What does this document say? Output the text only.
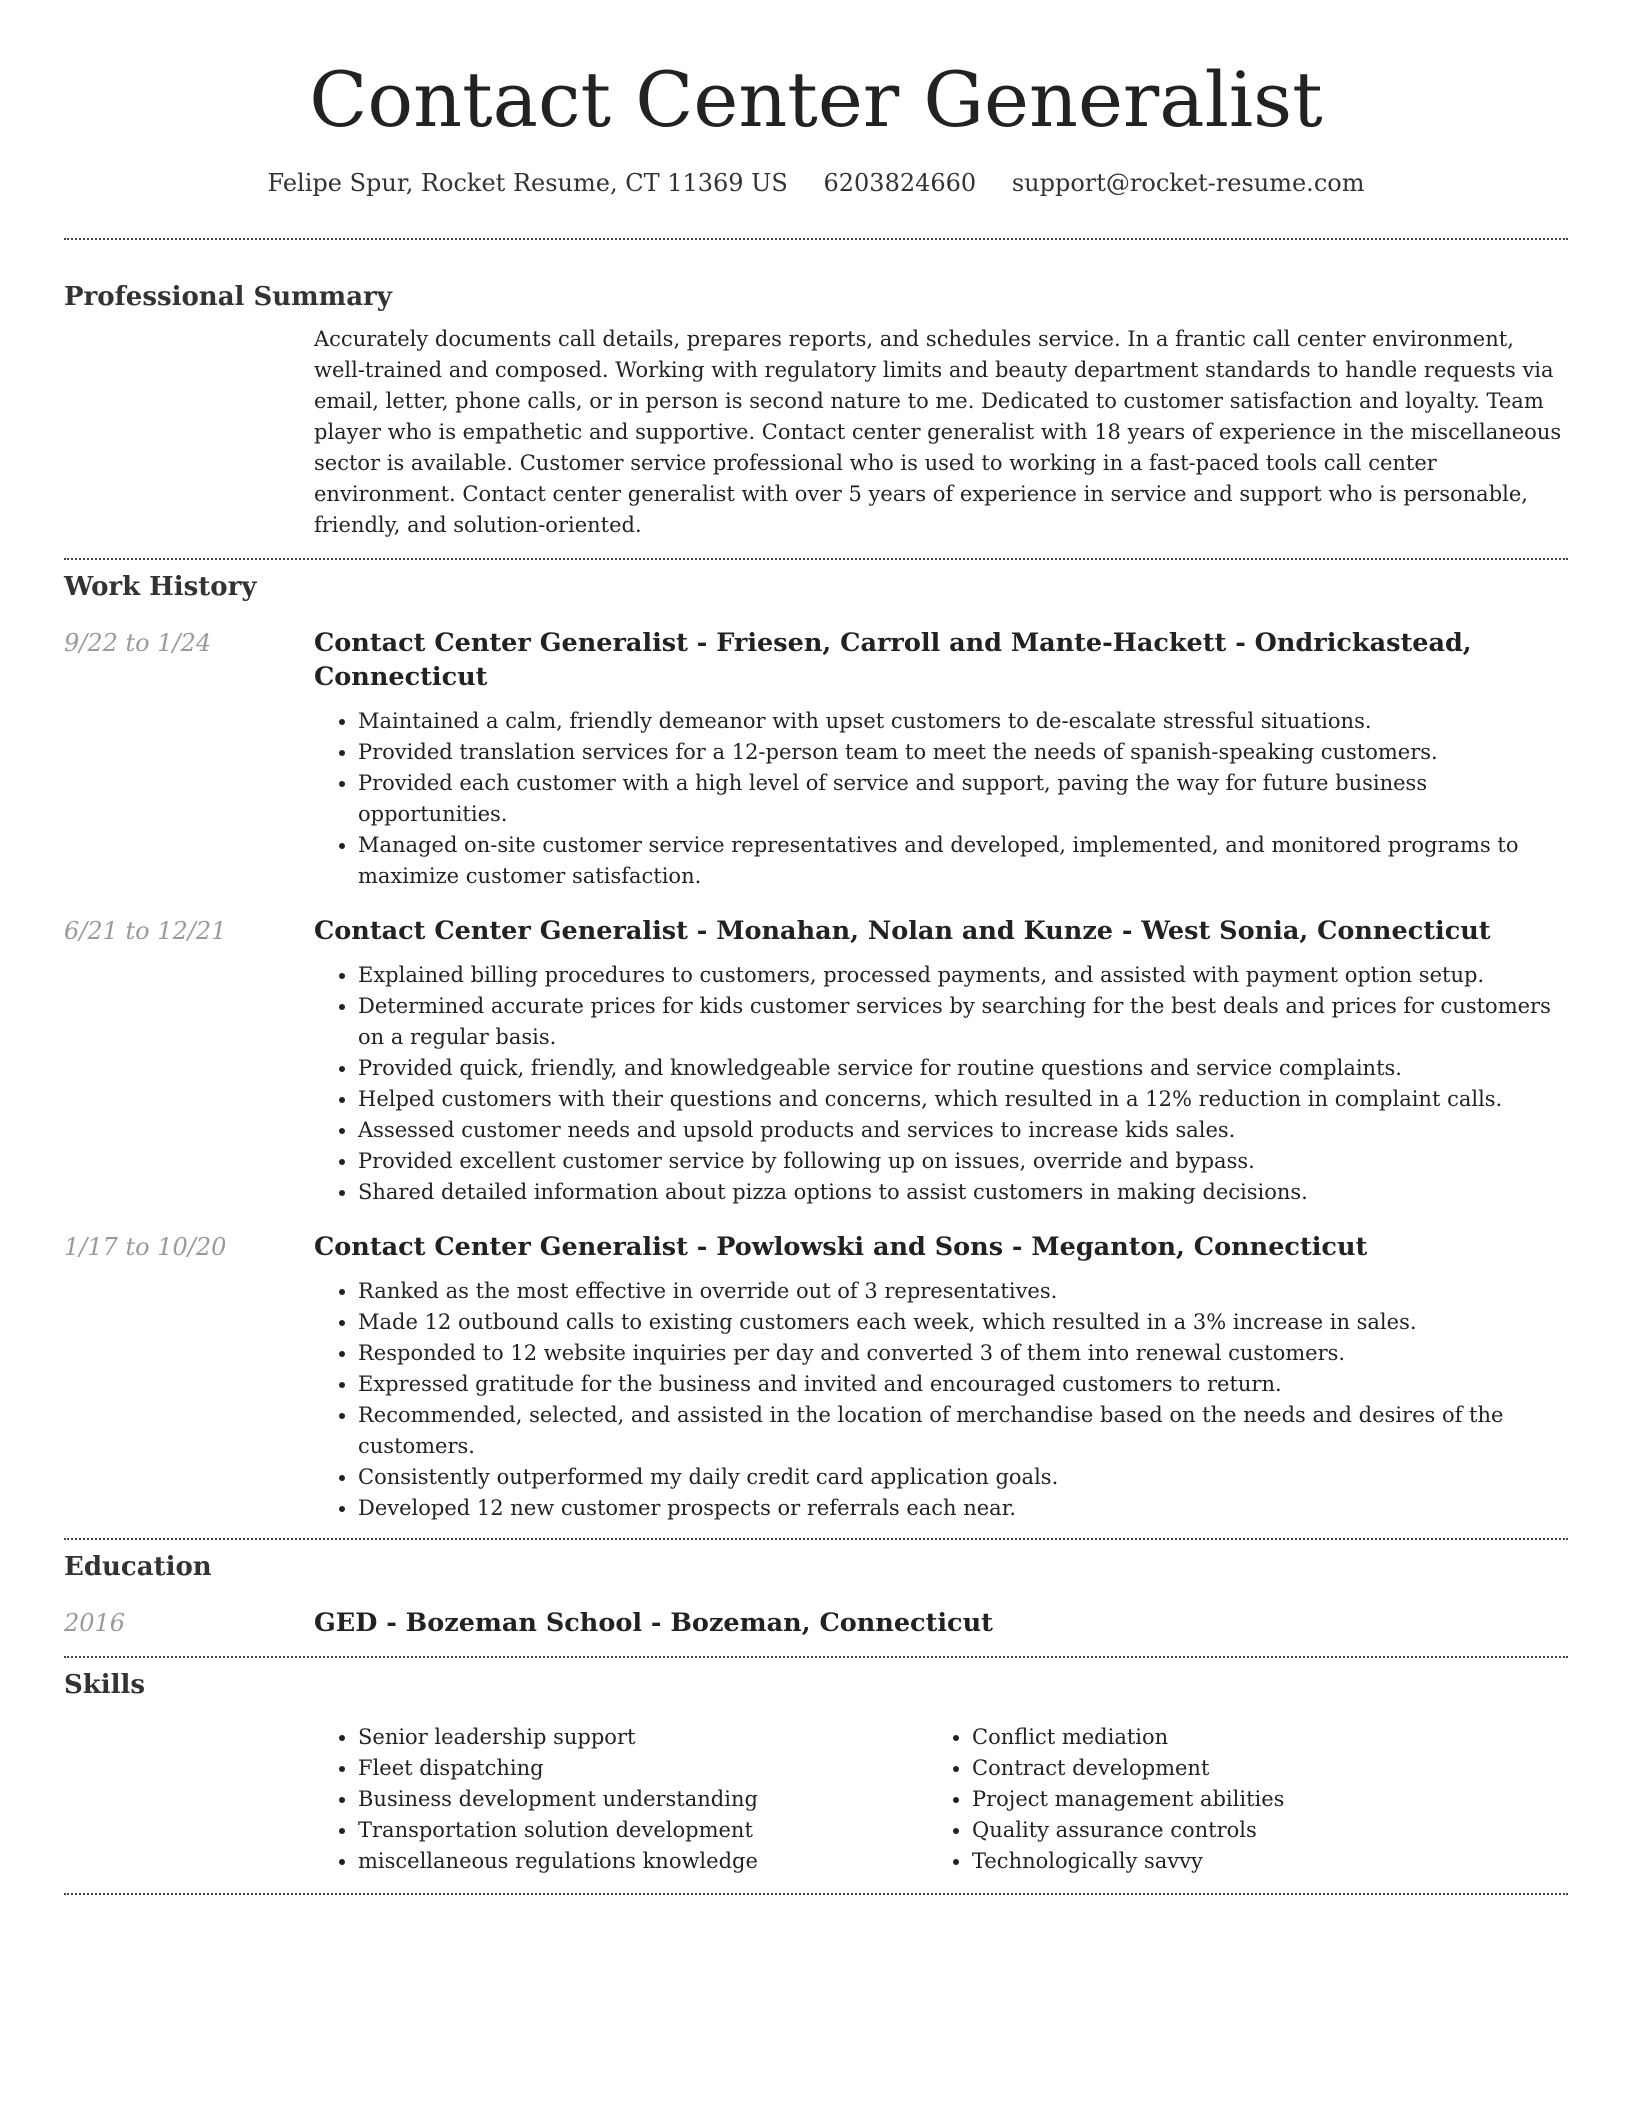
Contact Center Generalist
Felipe Spur, Rocket Resume, CT 11369 US 6203824660 support@rocket-resume.com
Professional Summary

Accurately documents call details, prepares reports, and schedules service. In a frantic call center environment, well-trained and composed. Working with regulatory limits and beauty department standards to handle requests via email, letter, phone calls, or in person is second nature to me. Dedicated to customer satisfaction and loyalty. Team player who is empathetic and supportive. Contact center generalist with 18 years of experience in the miscellaneous sector is available. Customer service professional who is used to working in a fast-paced tools call center environment. Contact center generalist with over 5 years of experience in service and support who is personable, friendly, and solution-oriented.

Work History
9/22 to 1/24	Contact Center Generalist - Friesen, Carroll and Mante-Hackett - Ondrickastead, Connecticut
• Maintained a calm, friendly demeanor with upset customers to de-escalate stressful situations.
• Provided translation services for a 12-person team to meet the needs of spanish-speaking customers.
• Provided each customer with a high level of service and support, paving the way for future business opportunities.
• Managed on-site customer service representatives and developed, implemented, and monitored programs to maximize customer satisfaction.
6/21 to 12/21	Contact Center Generalist - Monahan, Nolan and Kunze - West Sonia, Connecticut
• Explained billing procedures to customers, processed payments, and assisted with payment option setup.
• Determined accurate prices for kids customer services by searching for the best deals and prices for customers on a regular basis.
• Provided quick, friendly, and knowledgeable service for routine questions and service complaints.
• Helped customers with their questions and concerns, which resulted in a 12% reduction in complaint calls.
• Assessed customer needs and upsold products and services to increase kids sales.
• Provided excellent customer service by following up on issues, override and bypass.
• Shared detailed information about pizza options to assist customers in making decisions.
1/17 to 10/20	Contact Center Generalist - Powlowski and Sons - Meganton, Connecticut
• Ranked as the most effective in override out of 3 representatives.
• Made 12 outbound calls to existing customers each week, which resulted in a 3% increase in sales.
• Responded to 12 website inquiries per day and converted 3 of them into renewal customers.
• Expressed gratitude for the business and invited and encouraged customers to return.
• Recommended, selected, and assisted in the location of merchandise based on the needs and desires of the customers.
• Consistently outperformed my daily credit card application goals.
• Developed 12 new customer prospects or referrals each near.
Education
2016	GED - Bozeman School - Bozeman, Connecticut
Skills
• Senior leadership support
• Fleet dispatching
• Business development understanding
• Transportation solution development
• miscellaneous regulations knowledge
• Conflict mediation
• Contract development
• Project management abilities
• Quality assurance controls
• Technologically savvy
